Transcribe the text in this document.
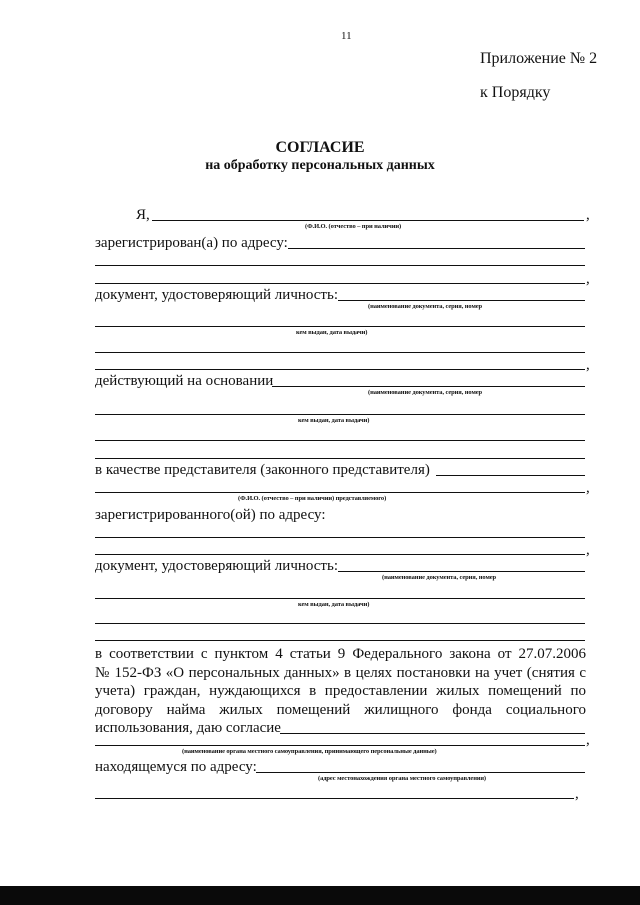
11
Приложение № 2
к Порядку
СОГЛАСИЕ
на обработку персональных данных
Я,	,
(Ф.И.О. (отчество – при наличии)
зарегистрирован(а) по адресу:
,
документ, удостоверяющий личность:
(наименование документа, серия, номер
кем выдан, дата выдачи)
,
действующий на основании
(наименование документа, серия, номер
кем выдан, дата выдачи)
в качестве представителя (законного представителя)
,
(Ф.И.О. (отчество – при наличии) представляемого)
зарегистрированного(ой) по адресу:
,
документ, удостоверяющий личность:
(наименование документа, серия, номер
кем выдан, дата выдачи)
в соответствии с пунктом 4 статьи 9 Федерального закона от 27.07.2006
№ 152-ФЗ «О персональных данных» в целях постановки на учет (снятия с
учета) граждан, нуждающихся в предоставлении жилых помещений по
договору найма жилых помещений жилищного фонда социального
использования, даю согласие
,
(наименование органа местного самоуправления, принимающего персональные данные)
находящемуся по адресу:
(адрес местонахождения органа местного самоуправления)
,
